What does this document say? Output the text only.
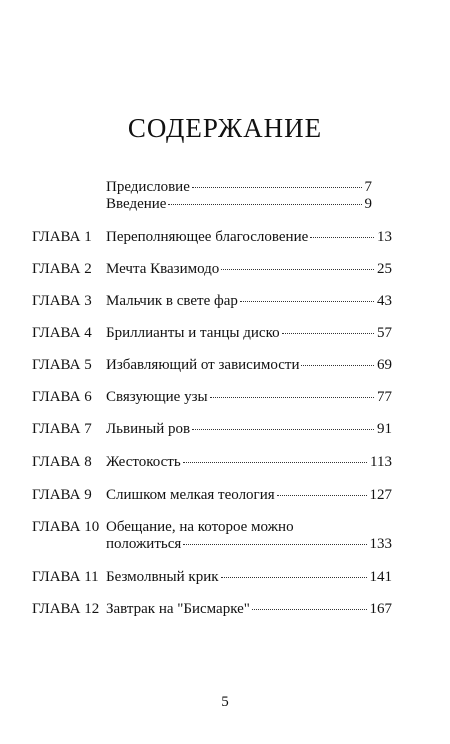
СОДЕРЖАНИЕ
Предисловие	7
Введение	9
ГЛАВА 1 Переполняющее благословение	13
ГЛАВА 2 Мечта Квазимодо	25
ГЛАВА 3 Мальчик в свете фар	43
ГЛАВА 4 Бриллианты и танцы диско	57
ГЛАВА 5 Избавляющий от зависимости	69
ГЛАВА 6 Связующие узы	77
ГЛАВА 7 Львиный ров	91
ГЛАВА 8 Жестокость	113
ГЛАВА 9 Слишком мелкая теология	127
ГЛАВА 10 Обещание, на которое можно
положиться	133
ГЛАВА 11 Безмолвный крик	141
ГЛАВА 12 Завтрак на "Бисмарке"	167
5
